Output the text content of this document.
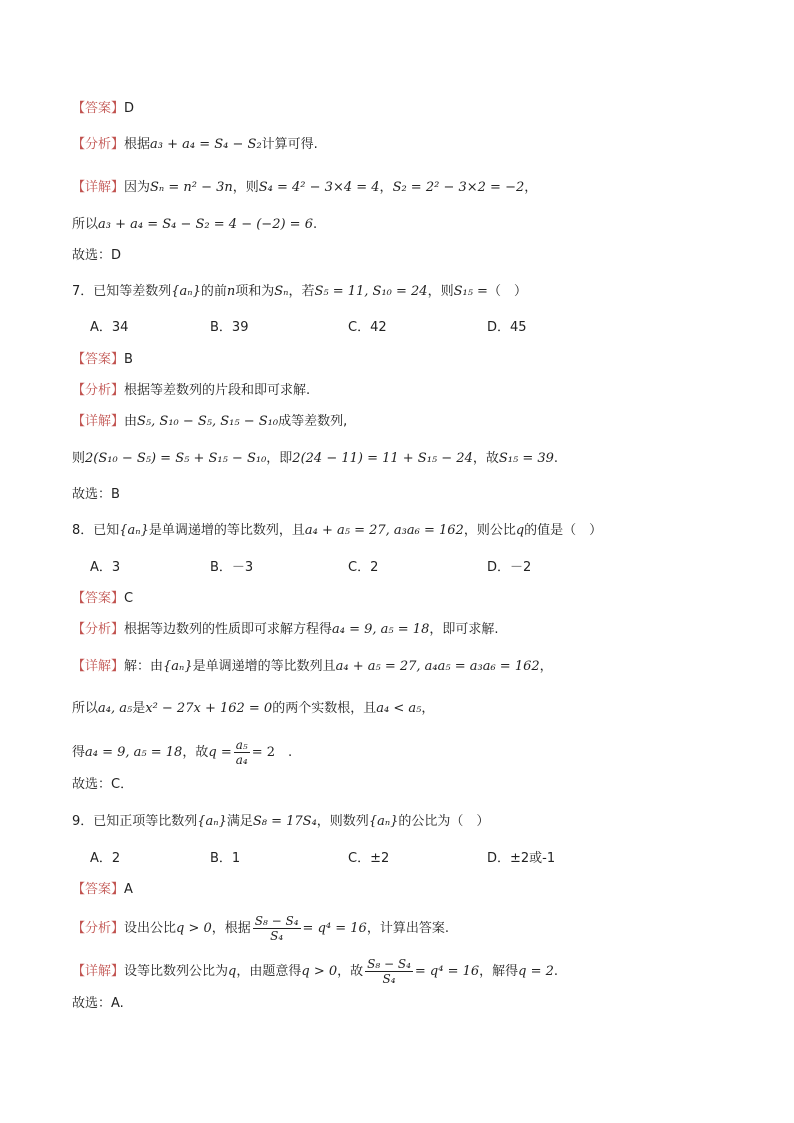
【答案】D
【分析】根据a₃ + a₄ = S₄ − S₂计算可得.
【详解】因为Sₙ = n² − 3n，则S₄ = 4² − 3×4 = 4，S₂ = 2² − 3×2 = −2，
所以a₃ + a₄ = S₄ − S₂ = 4 − (−2) = 6.
故选：D
7．已知等差数列{aₙ}的前n项和为Sₙ，若S₅ = 11, S₁₀ = 24，则S₁₅ =（　）
A．34	B．39	C．42	D．45
【答案】B
【分析】根据等差数列的片段和即可求解.
【详解】由S₅, S₁₀ − S₅, S₁₅ − S₁₀成等差数列,
则2(S₁₀ − S₅) = S₅ + S₁₅ − S₁₀，即2(24 − 11) = 11 + S₁₅ − 24，故S₁₅ = 39.
故选：B
8．已知{aₙ}是单调递增的等比数列，且a₄ + a₅ = 27, a₃a₆ = 162，则公比q的值是（　）
A．3	B．－3	C．2	D．－2
【答案】C
【分析】根据等边数列的性质即可求解方程得a₄ = 9, a₅ = 18，即可求解.
【详解】解：由{aₙ}是单调递增的等比数列且a₄ + a₅ = 27, a₄a₅ = a₃a₆ = 162，
所以a₄, a₅是x² − 27x + 162 = 0的两个实数根，且a₄ < a₅，
得a₄ = 9, a₅ = 18，故$q = \frac{\text{a₅}}{\text{a₄}} = 2$　.
故选：C．
9．已知正项等比数列{aₙ}满足S₈ = 17S₄，则数列{aₙ}的公比为（　）
A．2	B．1	C．±2	D．±2或-1
【答案】A
【分析】设出公比q > 0，根据 $\frac{\text{S₈ − S₄}}{\text{S₄}} = q^4 = 16$，计算出答案.
【详解】设等比数列公比为q，由题意得q > 0，故 $\frac{\text{S₈ − S₄}}{\text{S₄}} = q^4 = 16$，解得q = 2.
故选：A.
